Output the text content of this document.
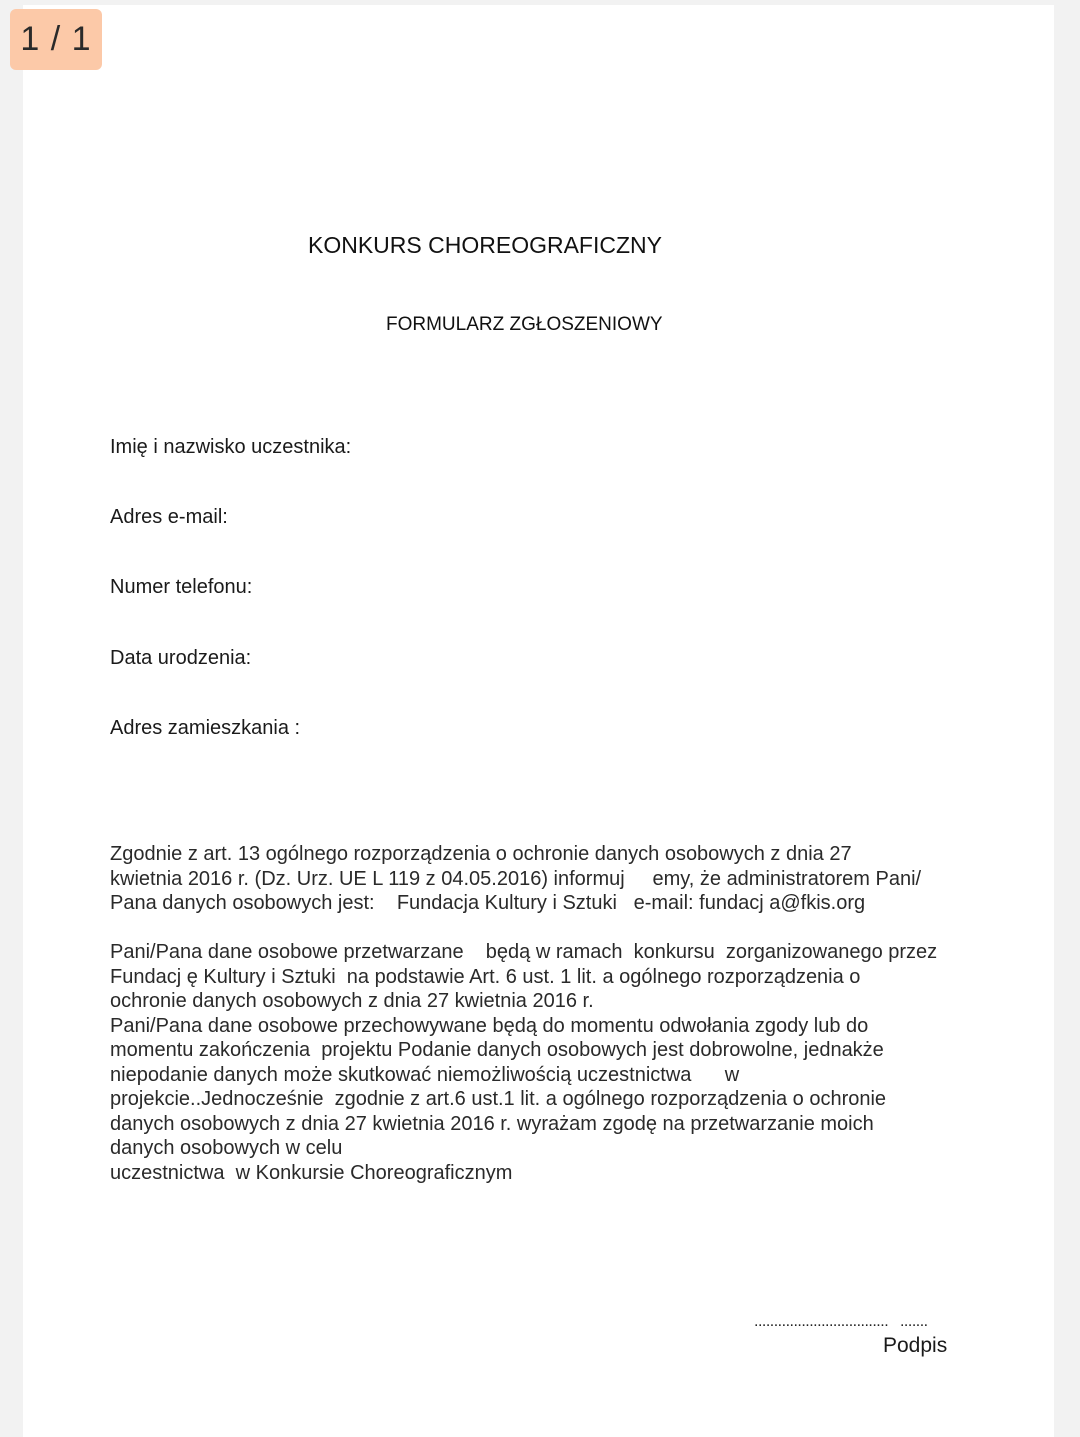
1 / 1
KONKURS CHOREOGRAFICZNY
FORMULARZ ZGŁOSZENIOWY
Imię i nazwisko uczestnika:
Adres e-mail:
Numer telefonu:
Data urodzenia:
Adres zamieszkania :
Zgodnie z art. 13 ogólnego rozporządzenia o ochronie danych osobowych z dnia 27
kwietnia 2016 r. (Dz. Urz. UE L 119 z 04.05.2016) informuj     emy, że administratorem Pani/
Pana danych osobowych jest:    Fundacja Kultury i Sztuki   e-mail: fundacj a@fkis.org
Pani/Pana dane osobowe przetwarzane    będą w ramach  konkursu  zorganizowanego przez
Fundacj ę Kultury i Sztuki  na podstawie Art. 6 ust. 1 lit. a ogólnego rozporządzenia o
ochronie danych osobowych z dnia 27 kwietnia 2016 r.
Pani/Pana dane osobowe przechowywane będą do momentu odwołania zgody lub do
momentu zakończenia  projektu Podanie danych osobowych jest dobrowolne, jednakże
niepodanie danych może skutkować niemożliwością uczestnictwa      w
projekcie..Jednocześnie  zgodnie z art.6 ust.1 lit. a ogólnego rozporządzenia o ochronie
danych osobowych z dnia 27 kwietnia 2016 r. wyrażam zgodę na przetwarzanie moich
danych osobowych w celu
uczestnictwa  w Konkursie Choreograficznym
..................................   .......
Podpis
